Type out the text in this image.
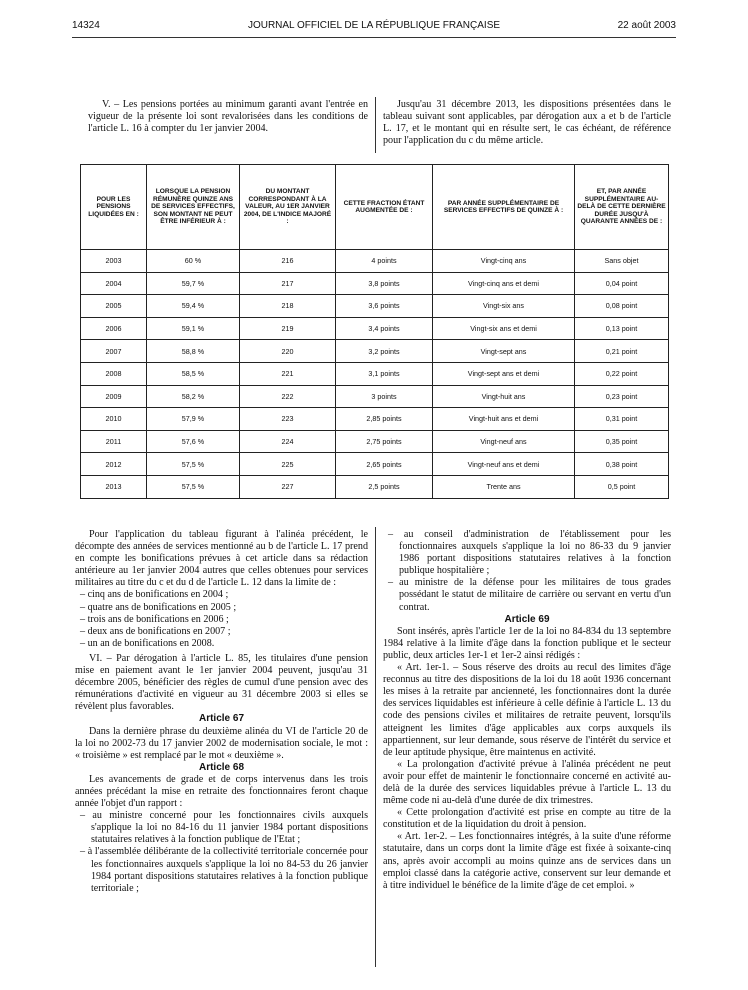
14324	JOURNAL OFFICIEL DE LA RÉPUBLIQUE FRANÇAISE	22 août 2003

V. – Les pensions portées au minimum garanti avant l'entrée en vigueur de la présente loi sont revalorisées dans les conditions de l'article L. 16 à compter du 1er janvier 2004.

Jusqu'au 31 décembre 2013, les dispositions présentées dans le tableau suivant sont applicables, par dérogation aux a et b de l'article L. 17, et le montant qui en résulte sert, le cas échéant, de référence pour l'application du c du même article.

POUR LES PENSIONS LIQUIDÉES EN :	LORSQUE LA PENSION RÉMUNÈRE QUINZE ANS DE SERVICES EFFECTIFS, SON MONTANT NE PEUT ÊTRE INFÉRIEUR À :	DU MONTANT CORRESPONDANT À LA VALEUR, AU 1ER JANVIER 2004, DE L'INDICE MAJORÉ :	CETTE FRACTION ÉTANT AUGMENTÉE DE :	PAR ANNÉE SUPPLÉMENTAIRE DE SERVICES EFFECTIFS DE QUINZE À :	ET, PAR ANNÉE SUPPLÉMENTAIRE AU-DELÀ DE CETTE DERNIÈRE DURÉE JUSQU'À QUARANTE ANNÉES DE :
2003	60 %	216	4 points	Vingt-cinq ans	Sans objet
2004	59,7 %	217	3,8 points	Vingt-cinq ans et demi	0,04 point
2005	59,4 %	218	3,6 points	Vingt-six ans	0,08 point
2006	59,1 %	219	3,4 points	Vingt-six ans et demi	0,13 point
2007	58,8 %	220	3,2 points	Vingt-sept ans	0,21 point
2008	58,5 %	221	3,1 points	Vingt-sept ans et demi	0,22 point
2009	58,2 %	222	3 points	Vingt-huit ans	0,23 point
2010	57,9 %	223	2,85 points	Vingt-huit ans et demi	0,31 point
2011	57,6 %	224	2,75 points	Vingt-neuf ans	0,35 point
2012	57,5 %	225	2,65 points	Vingt-neuf ans et demi	0,38 point
2013	57,5 %	227	2,5 points	Trente ans	0,5 point

Pour l'application du tableau figurant à l'alinéa précédent, le décompte des années de services mentionné au b de l'article L. 17 prend en compte les bonifications prévues à cet article dans sa rédaction antérieure au 1er janvier 2004 autres que celles obtenues pour services militaires au titre du c et du d de l'article L. 12 dans la limite de :

– cinq ans de bonifications en 2004 ;

– quatre ans de bonifications en 2005 ;

– trois ans de bonifications en 2006 ;

– deux ans de bonifications en 2007 ;

– un an de bonifications en 2008.

VI. – Par dérogation à l'article L. 85, les titulaires d'une pension mise en paiement avant le 1er janvier 2004 peuvent, jusqu'au 31 décembre 2005, bénéficier des règles de cumul d'une pension avec des rémunérations d'activité en vigueur au 31 décembre 2003 si elles se révèlent plus favorables.

Article 67

Dans la dernière phrase du deuxième alinéa du VI de l'article 20 de la loi no 2002-73 du 17 janvier 2002 de modernisation sociale, le mot : « troisième » est remplacé par le mot « deuxième ».

Article 68

Les avancements de grade et de corps intervenus dans les trois années précédant la mise en retraite des fonctionnaires feront chaque année l'objet d'un rapport :

– au ministre concerné pour les fonctionnaires civils auxquels s'applique la loi no 84-16 du 11 janvier 1984 portant dispositions statutaires relatives à la fonction publique de l'Etat ;

– à l'assemblée délibérante de la collectivité territoriale concernée pour les fonctionnaires auxquels s'applique la loi no 84-53 du 26 janvier 1984 portant dispositions statutaires relatives à la fonction publique territoriale ;

– au conseil d'administration de l'établissement pour les fonctionnaires auxquels s'applique la loi no 86-33 du 9 janvier 1986 portant dispositions statutaires relatives à la fonction publique hospitalière ;

– au ministre de la défense pour les militaires de tous grades possédant le statut de militaire de carrière ou servant en vertu d'un contrat.

Article 69

Sont insérés, après l'article 1er de la loi no 84-834 du 13 septembre 1984 relative à la limite d'âge dans la fonction publique et le secteur public, deux articles 1er-1 et 1er-2 ainsi rédigés :

« Art. 1er-1. – Sous réserve des droits au recul des limites d'âge reconnus au titre des dispositions de la loi du 18 août 1936 concernant les mises à la retraite par ancienneté, les fonctionnaires dont la durée des services liquidables est inférieure à celle définie à l'article L. 13 du code des pensions civiles et militaires de retraite peuvent, lorsqu'ils atteignent les limites d'âge applicables aux corps auxquels ils appartiennent, sur leur demande, sous réserve de l'intérêt du service et de leur aptitude physique, être maintenus en activité.

« La prolongation d'activité prévue à l'alinéa précédent ne peut avoir pour effet de maintenir le fonctionnaire concerné en activité au-delà de la durée des services liquidables prévue à l'article L. 13 du même code ni au-delà d'une durée de dix trimestres.

« Cette prolongation d'activité est prise en compte au titre de la constitution et de la liquidation du droit à pension.

« Art. 1er-2. – Les fonctionnaires intégrés, à la suite d'une réforme statutaire, dans un corps dont la limite d'âge est fixée à soixante-cinq ans, après avoir accompli au moins quinze ans de services dans un emploi classé dans la catégorie active, conservent sur leur demande et à titre individuel le bénéfice de la limite d'âge de cet emploi. »
